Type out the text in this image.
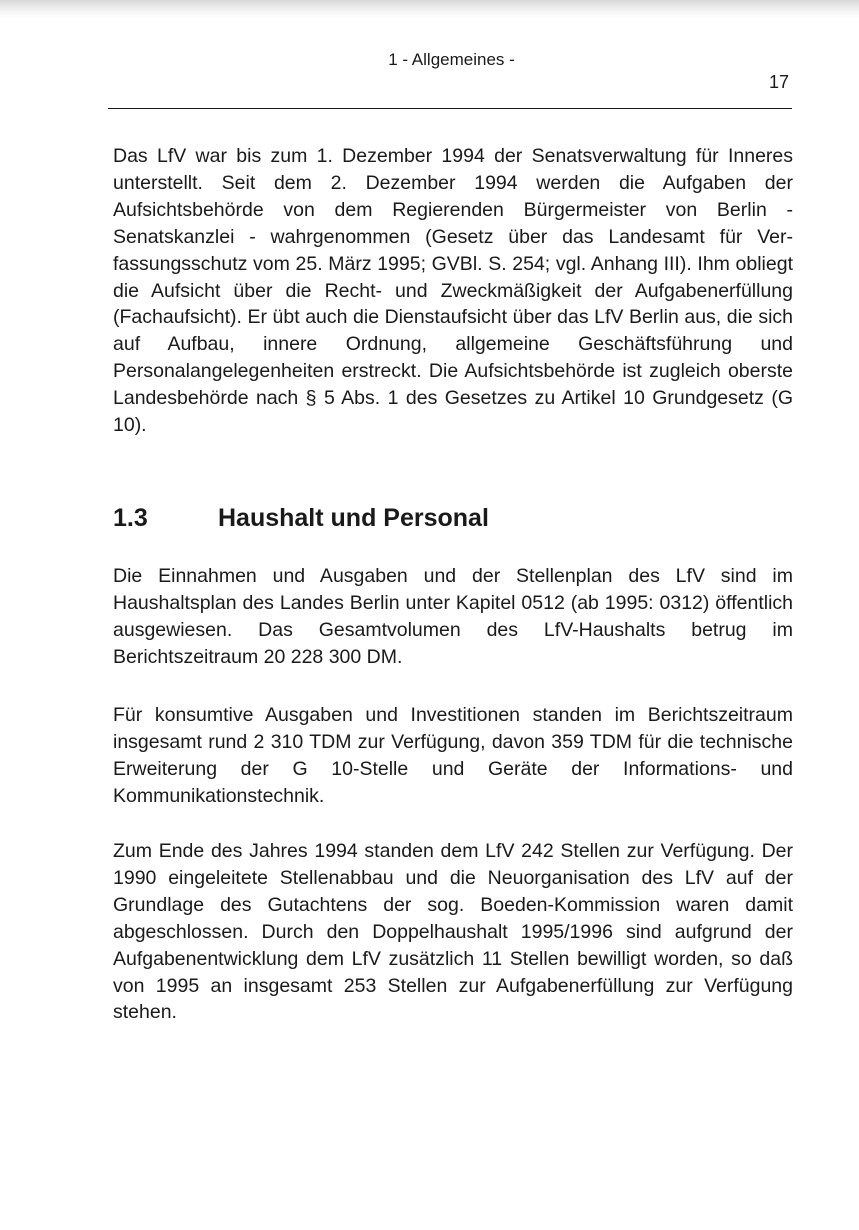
1 - Allgemeines -
17

Das LfV war bis zum 1. Dezember 1994 der Senatsverwaltung für Inneres unterstellt. Seit dem 2. Dezember 1994 werden die Aufgaben der Aufsichtsbehörde von dem Regierenden Bürgermeister von Berlin - Senatskanzlei - wahrgenommen (Gesetz über das Landesamt für Verfassungsschutz vom 25. März 1995; GVBl. S. 254; vgl. Anhang III). Ihm obliegt die Aufsicht über die Recht- und Zweckmäßigkeit der Aufgabenerfüllung (Fachaufsicht). Er übt auch die Dienstaufsicht über das LfV Berlin aus, die sich auf Aufbau, innere Ordnung, allgemeine Geschäftsführung und Personalangelegenheiten erstreckt. Die Aufsichtsbehörde ist zugleich oberste Landesbehörde nach § 5 Abs. 1 des Gesetzes zu Artikel 10 Grundgesetz (G 10).

1.3	Haushalt und Personal

Die Einnahmen und Ausgaben und der Stellenplan des LfV sind im Haushaltsplan des Landes Berlin unter Kapitel 0512 (ab 1995: 0312) öffentlich ausgewiesen. Das Gesamtvolumen des LfV-Haushalts betrug im Berichtszeitraum 20 228 300 DM.

Für konsumtive Ausgaben und Investitionen standen im Berichtszeitraum insgesamt rund 2 310 TDM zur Verfügung, davon 359 TDM für die technische Erweiterung der G 10-Stelle und Geräte der Informations- und Kommunikationstechnik.

Zum Ende des Jahres 1994 standen dem LfV 242 Stellen zur Verfügung. Der 1990 eingeleitete Stellenabbau und die Neuorganisation des LfV auf der Grundlage des Gutachtens der sog. Boeden-Kommission waren damit abgeschlossen. Durch den Doppelhaushalt 1995/1996 sind aufgrund der Aufgabenentwicklung dem LfV zusätzlich 11 Stellen bewilligt worden, so daß von 1995 an insgesamt 253 Stellen zur Aufgabenerfüllung zur Verfügung stehen.
